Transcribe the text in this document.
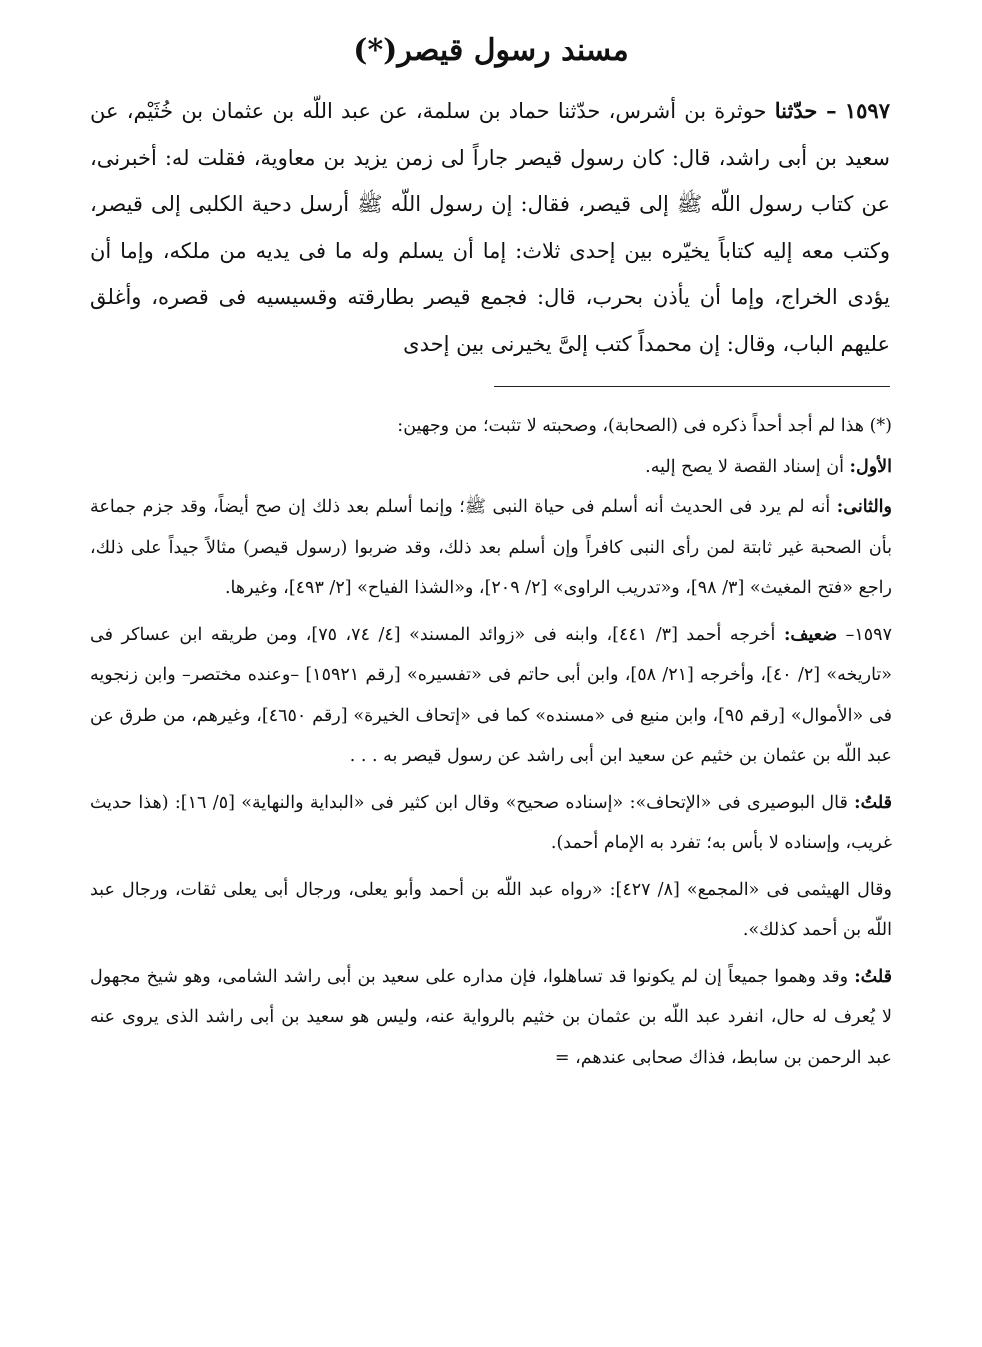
مسند رسول قيصر(*)

١٥٩٧ – حدّثنا حوثرة بن أشرس، حدّثنا حماد بن سلمة، عن عبد اللّه بن عثمان بن خُثَيْم، عن سعيد بن أبى راشد، قال: كان رسول قيصر جاراً لى زمن يزيد بن معاوية، فقلت له: أخبرنى، عن كتاب رسول اللّه ﷺ إلى قيصر، فقال: إن رسول اللّه ﷺ أرسل دحية الكلبى إلى قيصر، وكتب معه إليه كتاباً يخيّره بين إحدى ثلاث: إما أن يسلم وله ما فى يديه من ملكه، وإما أن يؤدى الخراج، وإما أن يأذن بحرب، قال: فجمع قيصر بطارقته وقسيسيه فى قصره، وأغلق عليهم الباب، وقال: إن محمداً كتب إلىَّ يخيرنى بين إحدى

(*) هذا لم أجد أحداً ذكره فى (الصحابة)، وصحبته لا تثبت؛ من وجهين:

الأول: أن إسناد القصة لا يصح إليه.

والثانى: أنه لم يرد فى الحديث أنه أسلم فى حياة النبى ﷺ؛ وإنما أسلم بعد ذلك إن صح أيضاً، وقد جزم جماعة بأن الصحبة غير ثابتة لمن رأى النبى كافراً وإن أسلم بعد ذلك، وقد ضربوا (رسول قيصر) مثالاً جيداً على ذلك، راجع «فتح المغيث» [٣/ ٩٨]، و«تدريب الراوى» [٢/ ٢٠٩]، و«الشذا الفياح» [٢/ ٤٩٣]، وغيرها.

١٥٩٧– ضعيف: أخرجه أحمد [٣/ ٤٤١]، وابنه فى «زوائد المسند» [٤/ ٧٤، ٧٥]، ومن طريقه ابن عساكر فى «تاريخه» [٢/ ٤٠]، وأخرجه [٢١/ ٥٨]، وابن أبى حاتم فى «تفسيره» [رقم ١٥٩٢١] –وعنده مختصر– وابن زنجويه فى «الأموال» [رقم ٩٥]، وابن منيع فى «مسنده» كما فى «إتحاف الخيرة» [رقم ٤٦٥٠]، وغيرهم، من طرق عن عبد اللّه بن عثمان بن خثيم عن سعيد ابن أبى راشد عن رسول قيصر به . . .

قلتُ: قال البوصيرى فى «الإتحاف»: «إسناده صحيح» وقال ابن كثير فى «البداية والنهاية» [٥/ ١٦]: (هذا حديث غريب، وإسناده لا بأس به؛ تفرد به الإمام أحمد).

وقال الهيثمى فى «المجمع» [٨/ ٤٢٧]: «رواه عبد اللّه بن أحمد وأبو يعلى، ورجال أبى يعلى ثقات، ورجال عبد اللّه بن أحمد كذلك».

قلتُ: وقد وهموا جميعاً إن لم يكونوا قد تساهلوا، فإن مداره على سعيد بن أبى راشد الشامى، وهو شيخ مجهول لا يُعرف له حال، انفرد عبد اللّه بن عثمان بن خثيم بالرواية عنه، وليس هو سعيد بن أبى راشد الذى يروى عنه عبد الرحمن بن سابط، فذاك صحابى عندهم، =
